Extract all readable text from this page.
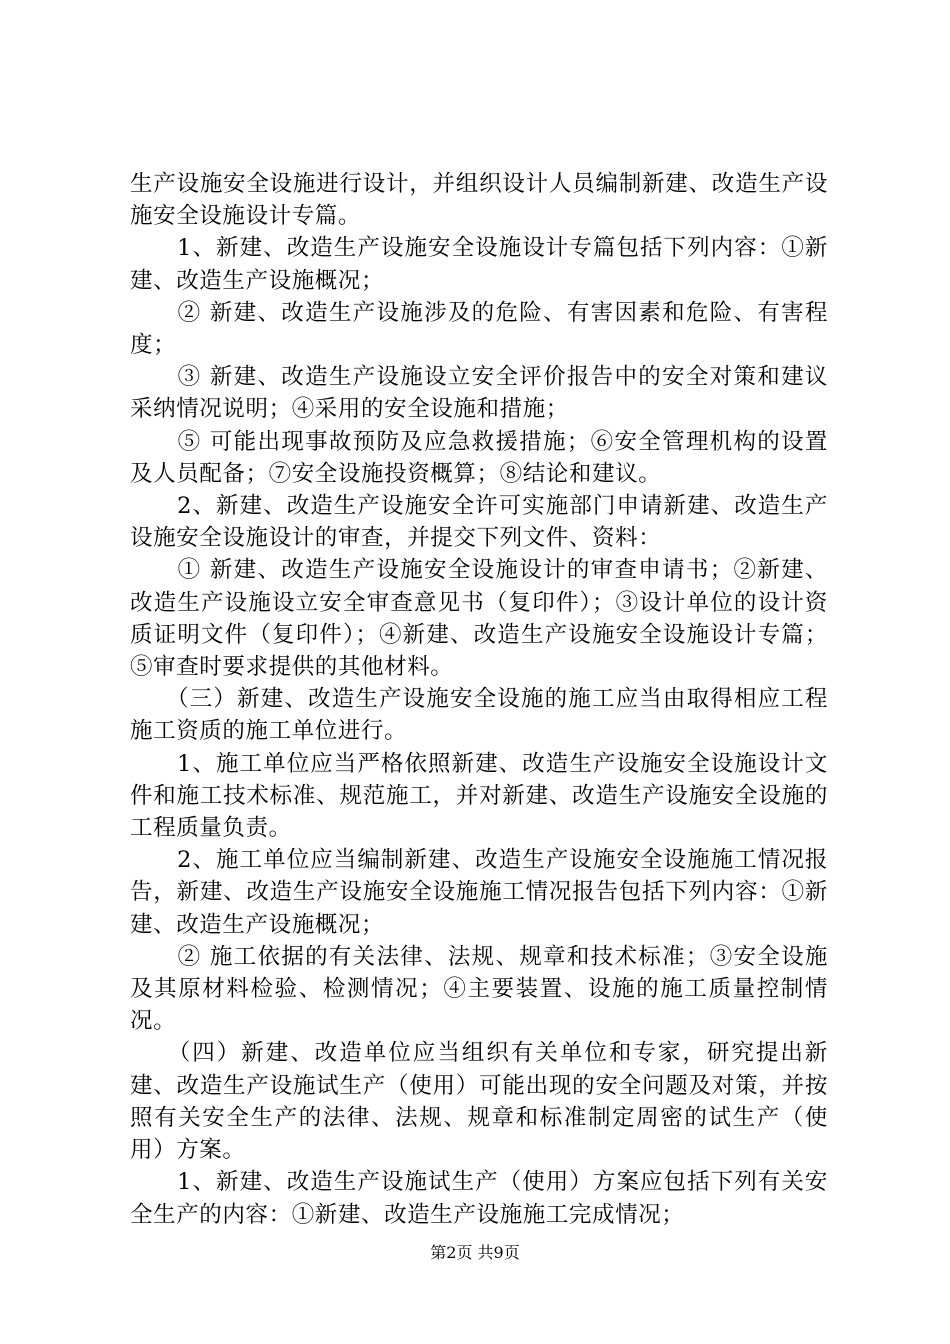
生产设施安全设施进行设计，并组织设计人员编制新建、改造生产设施安全设施设计专篇。

　　1、新建、改造生产设施安全设施设计专篇包括下列内容：①新建、改造生产设施概况；

　　② 新建、改造生产设施涉及的危险、有害因素和危险、有害程度；

　　③ 新建、改造生产设施设立安全评价报告中的安全对策和建议采纳情况说明；④采用的安全设施和措施；

　　⑤ 可能出现事故预防及应急救援措施；⑥安全管理机构的设置及人员配备；⑦安全设施投资概算；⑧结论和建议。

　　2、新建、改造生产设施安全许可实施部门申请新建、改造生产设施安全设施设计的审查，并提交下列文件、资料：

　　① 新建、改造生产设施安全设施设计的审查申请书；②新建、改造生产设施设立安全审查意见书（复印件）；③设计单位的设计资质证明文件（复印件）；④新建、改造生产设施安全设施设计专篇；⑤审查时要求提供的其他材料。

　　（三）新建、改造生产设施安全设施的施工应当由取得相应工程施工资质的施工单位进行。

　　1、施工单位应当严格依照新建、改造生产设施安全设施设计文件和施工技术标准、规范施工，并对新建、改造生产设施安全设施的工程质量负责。

　　2、施工单位应当编制新建、改造生产设施安全设施施工情况报告，新建、改造生产设施安全设施施工情况报告包括下列内容：①新建、改造生产设施概况；

　　② 施工依据的有关法律、法规、规章和技术标准；③安全设施及其原材料检验、检测情况；④主要装置、设施的施工质量控制情况。

　　（四）新建、改造单位应当组织有关单位和专家，研究提出新建、改造生产设施试生产（使用）可能出现的安全问题及对策，并按照有关安全生产的法律、法规、规章和标准制定周密的试生产（使用）方案。

　　1、新建、改造生产设施试生产（使用）方案应包括下列有关安全生产的内容：①新建、改造生产设施施工完成情况；

第2页 共9页
